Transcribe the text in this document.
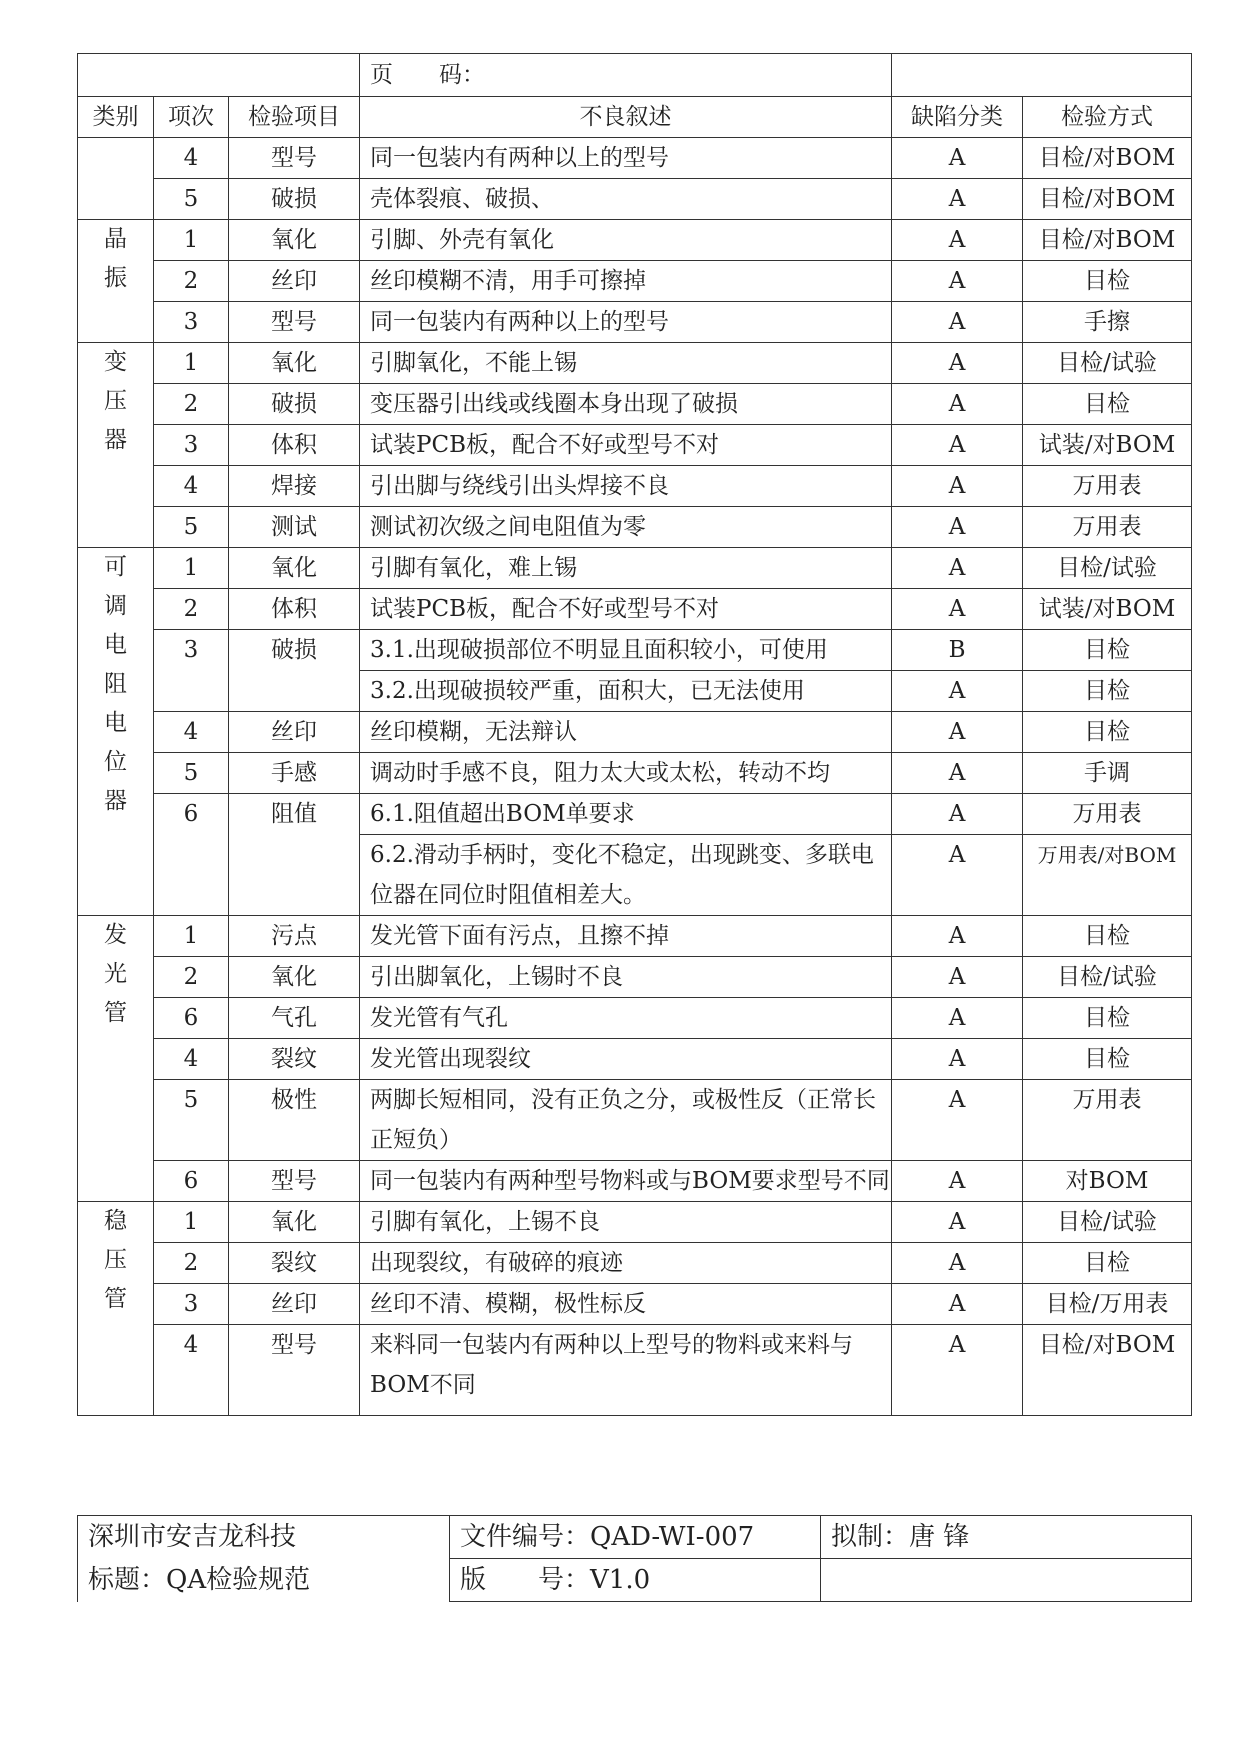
			页　　码：		
类别	项次	检验项目	不良叙述	缺陷分类	检验方式
	4	型号	同一包装内有两种以上的型号	A	目检/对BOM
	5	破损	壳体裂痕、破损、	A	目检/对BOM
晶振	1	氧化	引脚、外壳有氧化	A	目检/对BOM
	2	丝印	丝印模糊不清，用手可擦掉	A	目检
	3	型号	同一包装内有两种以上的型号	A	手擦
变压器	1	氧化	引脚氧化，不能上锡	A	目检/试验
	2	破损	变压器引出线或线圈本身出现了破损	A	目检
	3	体积	试装PCB板，配合不好或型号不对	A	试装/对BOM
	4	焊接	引出脚与绕线引出头焊接不良	A	万用表
	5	测试	测试初次级之间电阻值为零	A	万用表
可调电阻电位器	1	氧化	引脚有氧化，难上锡	A	目检/试验
	2	体积	试装PCB板，配合不好或型号不对	A	试装/对BOM
	3	破损	3.1.出现破损部位不明显且面积较小，可使用	B	目检
			3.2.出现破损较严重，面积大，已无法使用	A	目检
	4	丝印	丝印模糊，无法辩认	A	目检
	5	手感	调动时手感不良，阻力太大或太松，转动不均	A	手调
	6	阻值	6.1.阻值超出BOM单要求	A	万用表
			6.2.滑动手柄时，变化不稳定，出现跳变、多联电位器在同位时阻值相差大。	A	万用表/对BOM
发光管	1	污点	发光管下面有污点，且擦不掉	A	目检
	2	氧化	引出脚氧化，上锡时不良	A	目检/试验
	6	气孔	发光管有气孔	A	目检
	4	裂纹	发光管出现裂纹	A	目检
	5	极性	两脚长短相同，没有正负之分，或极性反（正常长正短负）	A	万用表
	6	型号	同一包装内有两种型号物料或与BOM要求型号不同	A	对BOM
稳压管	1	氧化	引脚有氧化，上锡不良	A	目检/试验
	2	裂纹	出现裂纹，有破碎的痕迹	A	目检
	3	丝印	丝印不清、模糊，极性标反	A	目检/万用表
	4	型号	来料同一包装内有两种以上型号的物料或来料与BOM不同	A	目检/对BOM
深圳市安吉龙科技	文件编号：QAD-WI-007	拟制：唐 锋
标题：QA检验规范	版　　号：V1.0	
